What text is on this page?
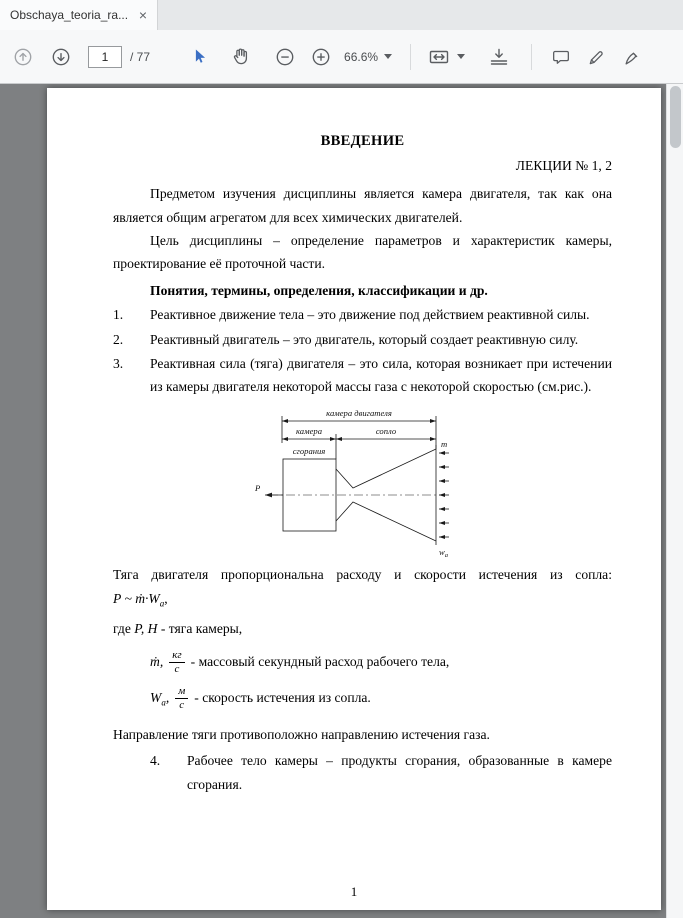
Obschaya_teoria_ra... ×
1
/ 77	66.6%
ВВЕДЕНИЕ
ЛЕКЦИИ № 1, 2

Предметом изучения дисциплины является камера двигателя, так как она является общим агрегатом для всех химических двигателей.

Цель дисциплины – определение параметров и характеристик камеры, проектирование её проточной части.

Понятия, термины, определения, классификации и др.
1. Реактивное движение тела – это движение под действием реактивной силы.
2. Реактивный двигатель – это двигатель, который создает реактивную силу.
3. Реактивная сила (тяга) двигателя – это сила, которая возникает при истечении из камеры двигателя некоторой массы газа с некоторой скоростью (см.рис.).
камера двигателя
камера
сгорания
сопло
P
m
$w_a$
Тяга двигателя пропорциональна расходу и скорости истечения из сопла:
P ~ $ṁ\cdot W_a$,
где P, Н - тяга камеры,
ṁ, $\frac{кг}{с}$ - массовый секундный расход рабочего тела,
$W_a$, $\frac{м}{с}$ - скорость истечения из сопла.
Направление тяги противоположно направлению истечения газа.
4. Рабочее тело камеры – продукты сгорания, образованные в камере сгорания.
1
